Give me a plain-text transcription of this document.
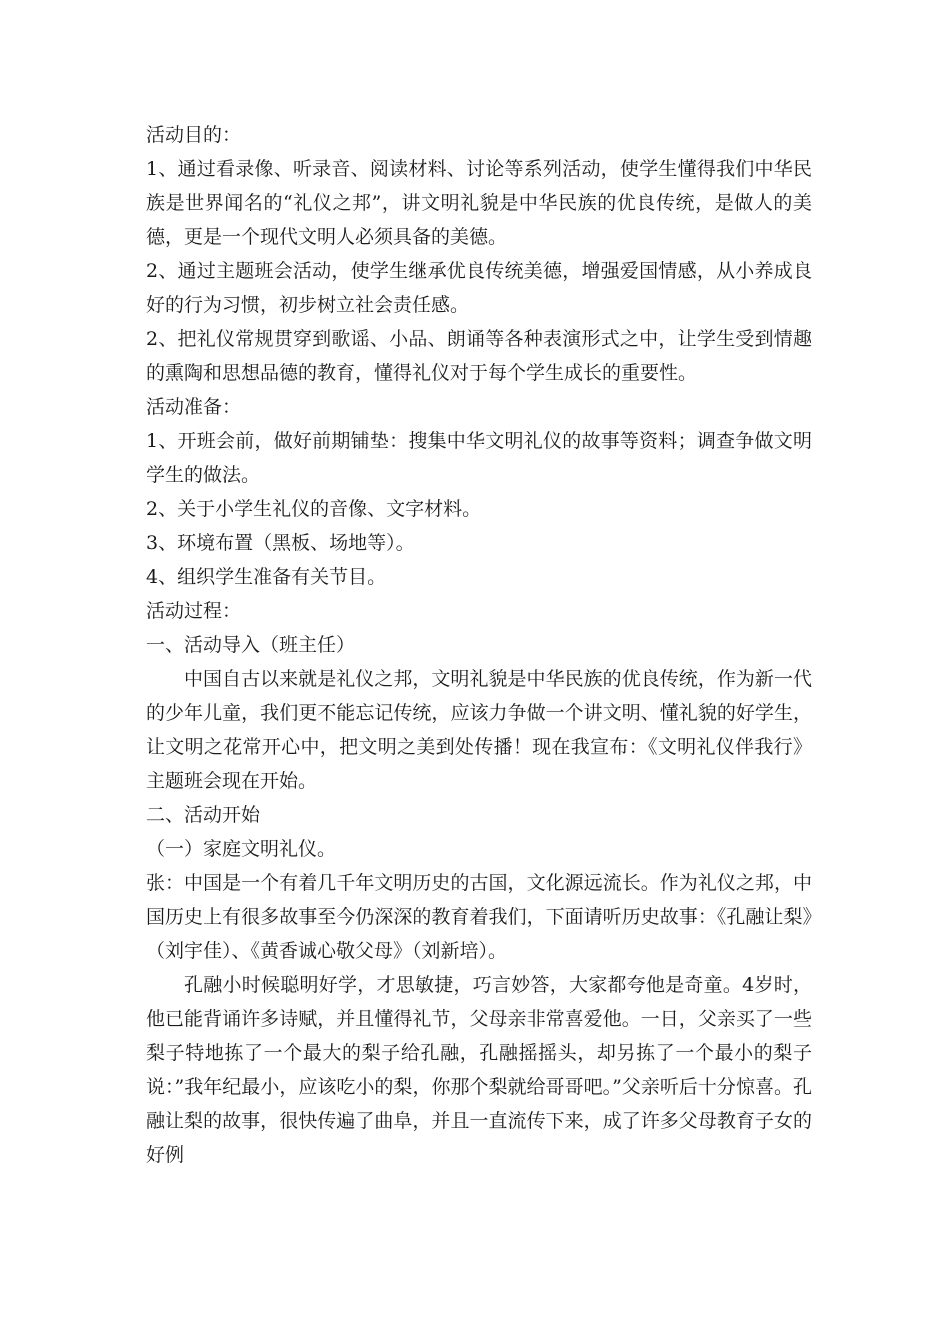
活动目的：

1、通过看录像、听录音、阅读材料、讨论等系列活动，使学生懂得我们中华民族是世界闻名的“礼仪之邦”，讲文明礼貌是中华民族的优良传统，是做人的美德，更是一个现代文明人必须具备的美德。

2、通过主题班会活动，使学生继承优良传统美德，增强爱国情感，从小养成良好的行为习惯，初步树立社会责任感。

2、把礼仪常规贯穿到歌谣、小品、朗诵等各种表演形式之中，让学生受到情趣的熏陶和思想品德的教育，懂得礼仪对于每个学生成长的重要性。

活动准备：

1、开班会前，做好前期铺垫：搜集中华文明礼仪的故事等资料；调查争做文明学生的做法。

2、关于小学生礼仪的音像、文字材料。

3、环境布置（黑板、场地等）。

4、组织学生准备有关节目。

活动过程：

一、活动导入（班主任）

中国自古以来就是礼仪之邦，文明礼貌是中华民族的优良传统，作为新一代的少年儿童，我们更不能忘记传统，应该力争做一个讲文明、懂礼貌的好学生，让文明之花常开心中，把文明之美到处传播！现在我宣布：《文明礼仪伴我行》主题班会现在开始。

二、活动开始

（一）家庭文明礼仪。

张：中国是一个有着几千年文明历史的古国，文化源远流长。作为礼仪之邦，中国历史上有很多故事至今仍深深的教育着我们，下面请听历史故事：《孔融让梨》（刘宇佳）、《黄香诚心敬父母》（刘新培）。

孔融小时候聪明好学，才思敏捷，巧言妙答，大家都夸他是奇童。4岁时，他已能背诵许多诗赋，并且懂得礼节，父母亲非常喜爱他。一日，父亲买了一些梨子特地拣了一个最大的梨子给孔融，孔融摇摇头，却另拣了一个最小的梨子说：”我年纪最小，应该吃小的梨，你那个梨就给哥哥吧。”父亲听后十分惊喜。孔融让梨的故事，很快传遍了曲阜，并且一直流传下来，成了许多父母教育子女的好例
